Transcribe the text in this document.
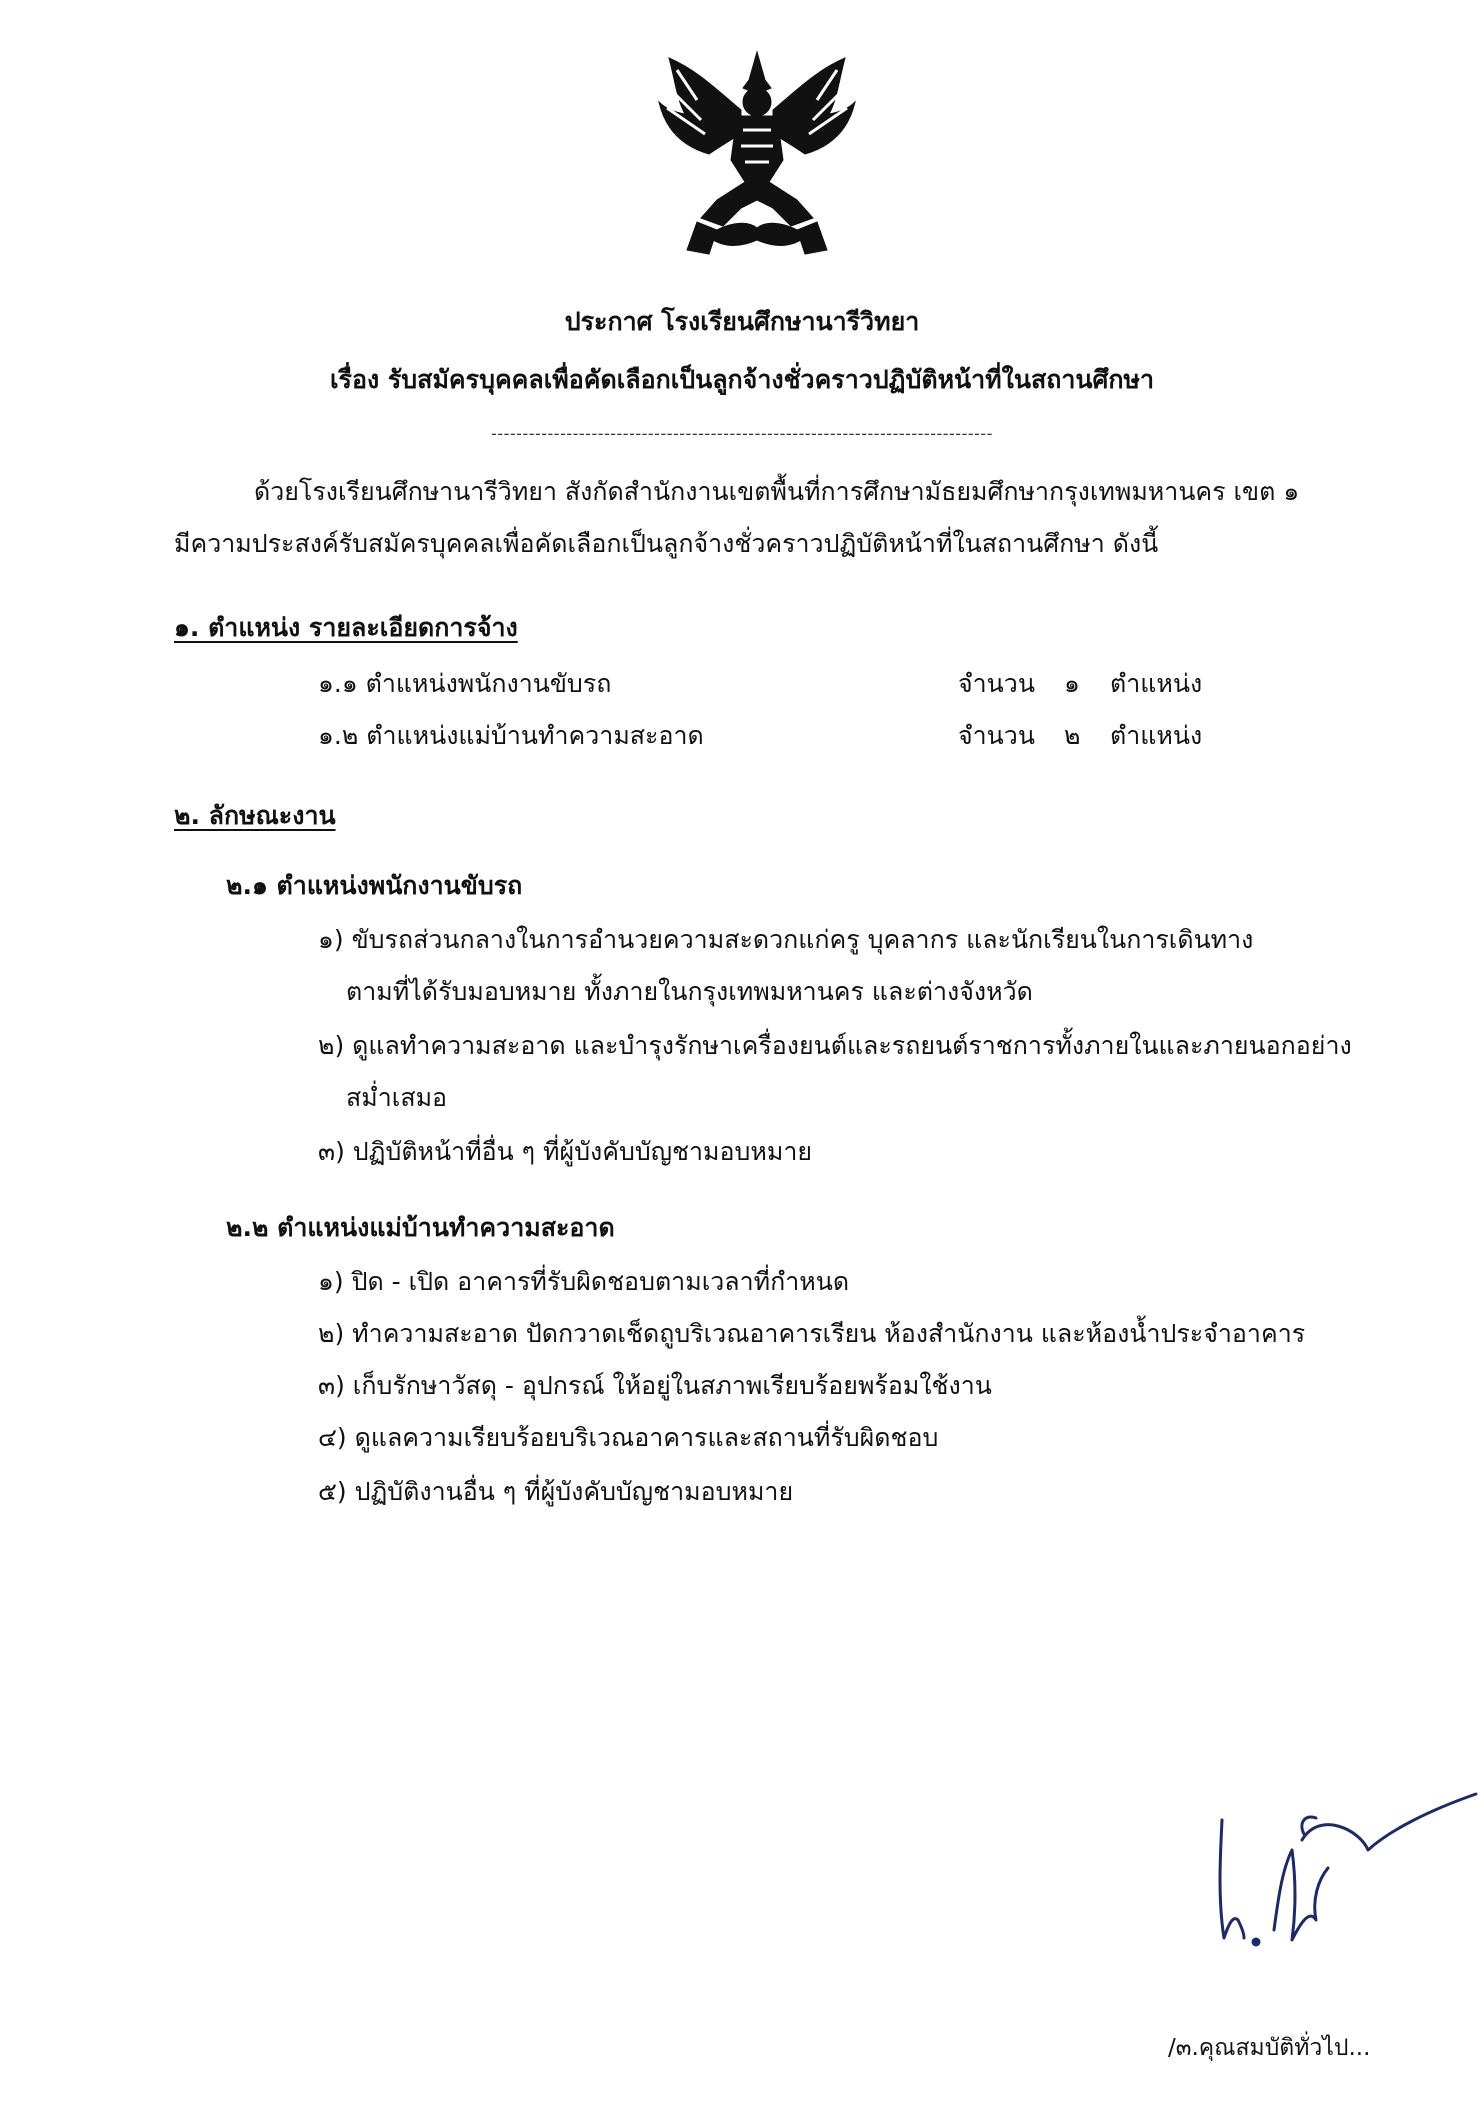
ประกาศ โรงเรียนศึกษานารีวิทยา
เรื่อง รับสมัครบุคคลเพื่อคัดเลือกเป็นลูกจ้างชั่วคราวปฏิบัติหน้าที่ในสถานศึกษา
--------------------------------------------------------------------------------
ด้วยโรงเรียนศึกษานารีวิทยา สังกัดสำนักงานเขตพื้นที่การศึกษามัธยมศึกษากรุงเทพมหานคร เขต ๑
มีความประสงค์รับสมัครบุคคลเพื่อคัดเลือกเป็นลูกจ้างชั่วคราวปฏิบัติหน้าที่ในสถานศึกษา ดังนี้
๑. ตำแหน่ง รายละเอียดการจ้าง
๑.๑ ตำแหน่งพนักงานขับรถ	จำนวน ๑ ตำแหน่ง
๑.๒ ตำแหน่งแม่บ้านทำความสะอาด	จำนวน ๒ ตำแหน่ง
๒. ลักษณะงาน
๒.๑ ตำแหน่งพนักงานขับรถ
๑) ขับรถส่วนกลางในการอำนวยความสะดวกแก่ครู บุคลากร และนักเรียนในการเดินทาง
ตามที่ได้รับมอบหมาย ทั้งภายในกรุงเทพมหานคร และต่างจังหวัด
๒) ดูแลทำความสะอาด และบำรุงรักษาเครื่องยนต์และรถยนต์ราชการทั้งภายในและภายนอกอย่าง
สม่ำเสมอ
๓) ปฏิบัติหน้าที่อื่น ๆ ที่ผู้บังคับบัญชามอบหมาย
๒.๒ ตำแหน่งแม่บ้านทำความสะอาด
๑) ปิด - เปิด อาคารที่รับผิดชอบตามเวลาที่กำหนด
๒) ทำความสะอาด ปัดกวาดเช็ดถูบริเวณอาคารเรียน ห้องสำนักงาน และห้องน้ำประจำอาคาร
๓) เก็บรักษาวัสดุ - อุปกรณ์ ให้อยู่ในสภาพเรียบร้อยพร้อมใช้งาน
๔) ดูแลความเรียบร้อยบริเวณอาคารและสถานที่รับผิดชอบ
๕) ปฏิบัติงานอื่น ๆ ที่ผู้บังคับบัญชามอบหมาย
/๓.คุณสมบัติทั่วไป...
